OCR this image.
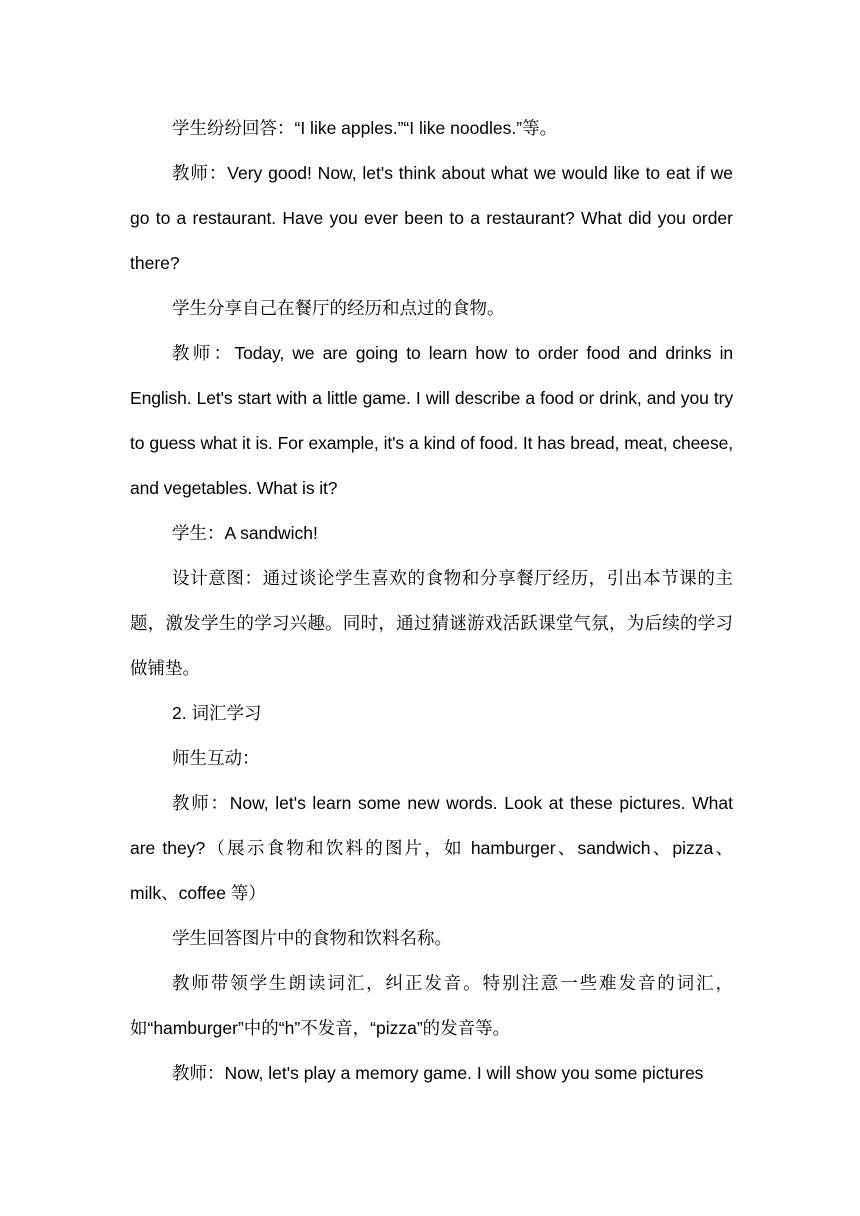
学生纷纷回答：“I like apples.”“I like noodles.”等。

教师：Very good! Now, let's think about what we would like to eat if we go to a restaurant. Have you ever been to a restaurant? What did you order there?

学生分享自己在餐厅的经历和点过的食物。

教师：Today, we are going to learn how to order food and drinks in English. Let's start with a little game. I will describe a food or drink, and you try to guess what it is. For example, it's a kind of food. It has bread, meat, cheese, and vegetables. What is it?

学生：A sandwich!

设计意图：通过谈论学生喜欢的食物和分享餐厅经历，引出本节课的主题，激发学生的学习兴趣。同时，通过猜谜游戏活跃课堂气氛，为后续的学习做铺垫。

2. 词汇学习

师生互动：

教师：Now, let's learn some new words. Look at these pictures. What are they?（展示食物和饮料的图片，如 hamburger、sandwich、pizza、milk、coffee 等）

学生回答图片中的食物和饮料名称。

教师带领学生朗读词汇，纠正发音。特别注意一些难发音的词汇，如“hamburger”中的“h”不发音，“pizza”的发音等。

教师：Now, let's play a memory game. I will show you some pictures
